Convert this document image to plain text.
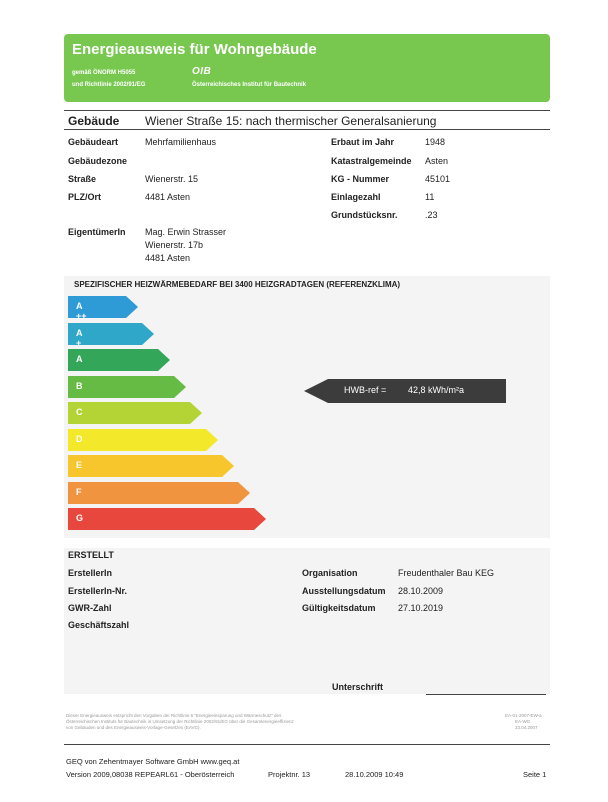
Energieausweis für Wohngebäude
gemäß ÖNORM H5055
und Richtlinie 2002/91/EG
OIB
Österreichisches Institut für Bautechnik
Gebäude Wiener Straße 15: nach thermischer Generalsanierung
Gebäudeart	Mehrfamilienhaus
Gebäudezone
Straße	Wienerstr. 15
PLZ/Ort	4481 Asten
Erbaut im Jahr	1948
Katastralgemeinde Asten
KG - Nummer	45101
Einlagezahl	11
Grundstücksnr.	.23
EigentümerIn Mag. Erwin Strasser
Wienerstr. 17b
4481 Asten
SPEZIFISCHER HEIZWÄRMEBEDARF BEI 3400 HEIZGRADTAGEN (REFERENZKLIMA)
A ++
A +
A
B
C
D
E
F
G
HWB-ref = 42,8 kWh/m²a
ERSTELLT
ErstellerIn
ErstellerIn-Nr.
GWR-Zahl
Geschäftszahl
Organisation	Freudenthaler Bau KEG
Ausstellungsdatum 28.10.2009
Gültigkeitsdatum 27.10.2019
Unterschrift
Dieser Energieausweis entspricht den Vorgaben der Richtlinie 6 "Energieeinsparung und Wärmeschutz" des
Österreichischen Instituts für Bautechnik in Umsetzung der Richtlinie 2002/91/EG über die Gesamtenergieeffizienz
von Gebäuden und des Energieausweis-Vorlage-Gesetzes (EAVG).
EA-01-2007-EW-a
EA-WG
23.04.2007
GEQ von Zehentmayer Software GmbH www.geq.at
Version 2009,08038 REPEARL61 - Oberösterreich	Projektnr. 13	28.10.2009 10:49	Seite 1
